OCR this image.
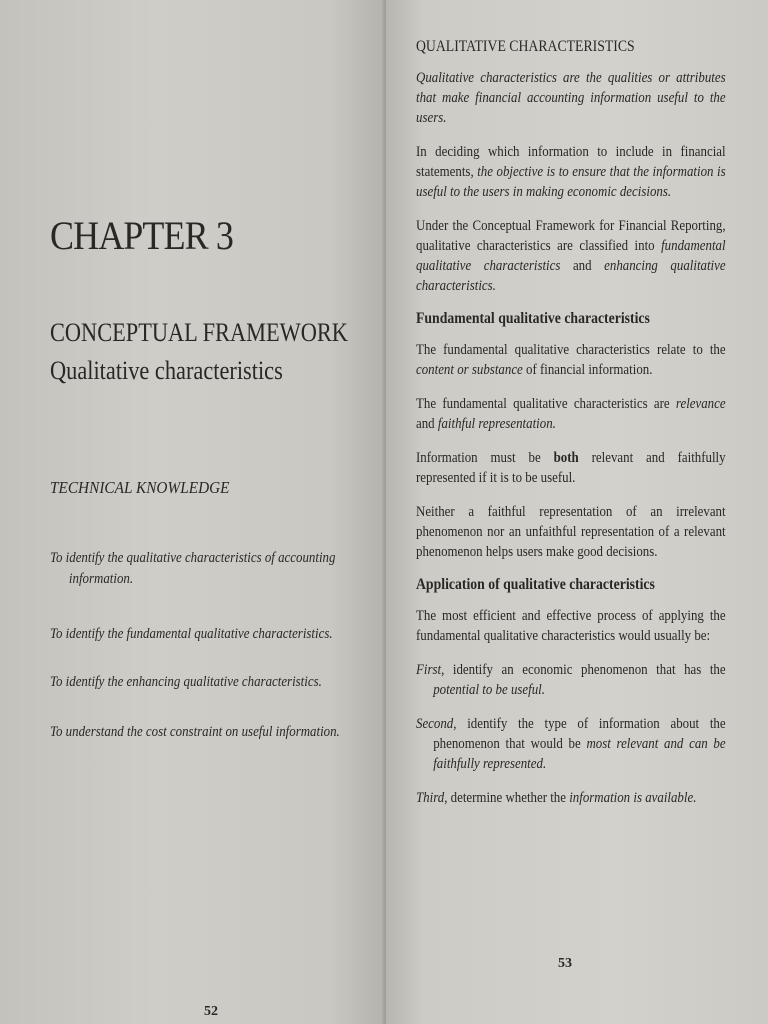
CHAPTER 3
CONCEPTUAL FRAMEWORK
Qualitative characteristics
TECHNICAL KNOWLEDGE
To identify the qualitative characteristics of accounting
information.
To identify the fundamental qualitative characteristics.
To identify the enhancing qualitative characteristics.
To understand the cost constraint on useful information.
52
QUALITATIVE CHARACTERISTICS

Qualitative characteristics are the qualities or attributes that make financial accounting information useful to the users.

In deciding which information to include in financial statements, the objective is to ensure that the information is useful to the users in making economic decisions.

Under the Conceptual Framework for Financial Reporting, qualitative characteristics are classified into fundamental qualitative characteristics and enhancing qualitative characteristics.

Fundamental qualitative characteristics

The fundamental qualitative characteristics relate to the content or substance of financial information.

The fundamental qualitative characteristics are relevance and faithful representation.

Information must be both relevant and faithfully represented if it is to be useful.

Neither a faithful representation of an irrelevant phenomenon nor an unfaithful representation of a relevant phenomenon helps users make good decisions.

Application of qualitative characteristics

The most efficient and effective process of applying the fundamental qualitative characteristics would usually be:

First, identify an economic phenomenon that has the potential to be useful.

Second, identify the type of information about the phenomenon that would be most relevant and can be faithfully represented.

Third, determine whether the information is available.

53
